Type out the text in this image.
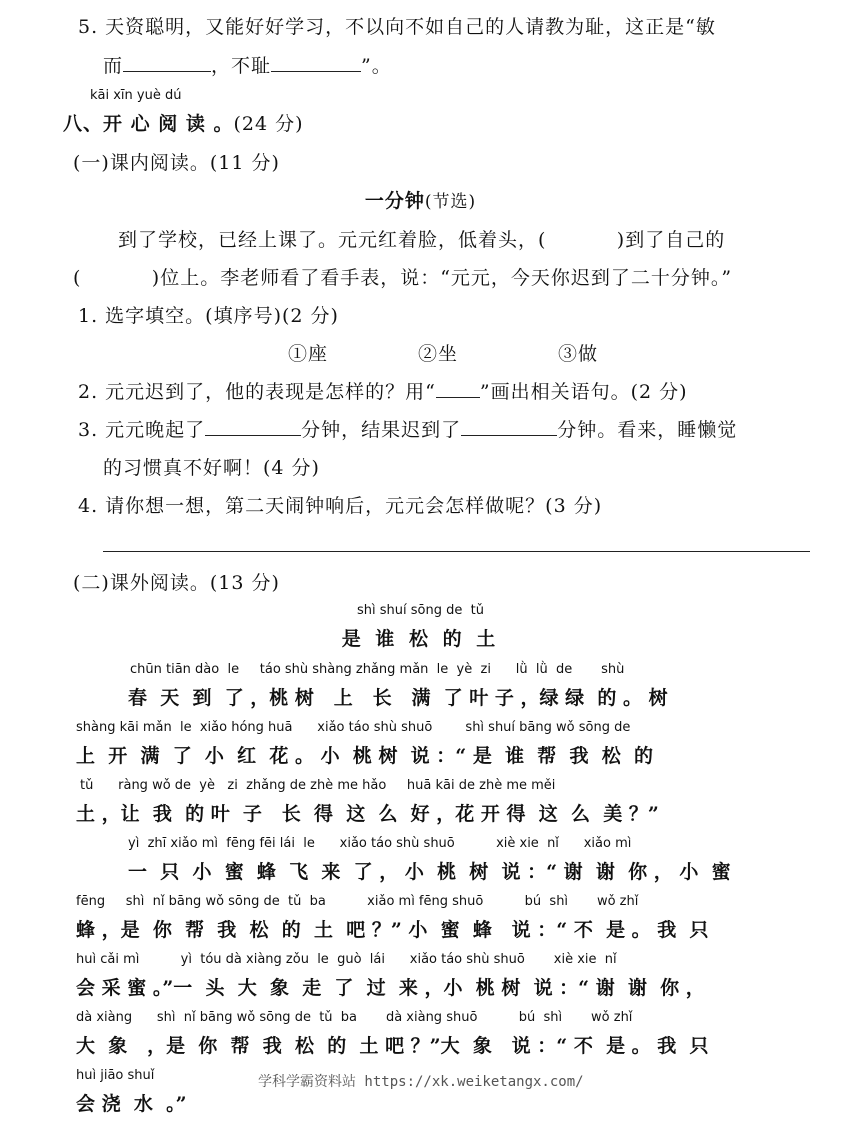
5. 天资聪明，又能好好学习，不以向不如自己的人请教为耻，这正是“敏
而	，不耻	”。
kāi xīn yuè dú
八、开 心 阅 读 。(24 分)
(一)课内阅读。(11 分)
一分钟(节选)
到了学校，已经上课了。元元红着脸，低着头，(          )到了自己的
(          )位上。李老师看了看手表，说：“元元，今天你迟到了二十分钟。”
1. 选字填空。(填序号)(2 分)
①座	②坐	③做
2. 元元迟到了，他的表现是怎样的？用“ ”画出相关语句。(2 分)
3. 元元晚起了	分钟，结果迟到了	分钟。看来，睡懒觉
的习惯真不好啊！(4 分)
4. 请你想一想，第二天闹钟响后，元元会怎样做呢？(3 分)
(二)课外阅读。(13 分)
shì shuí sōng de  tǔ
是 谁 松 的 土
chūn tiān dào  le     táo shù shàng zhǎng mǎn  le  yè  zi      lǜ  lǜ  de       shù
春  天  到  了 ，桃 树   上   长   满  了 叶 子 ，绿 绿  的 。 树
shàng kāi mǎn  le  xiǎo hóng huā      xiǎo táo shù shuō        shì shuí bāng wǒ sōng de
上  开  满  了  小  红  花 。 小  桃 树  说 ：“ 是  谁  帮  我  松  的
tǔ      ràng wǒ de  yè   zi  zhǎng de zhè me hǎo     huā kāi de zhè me měi
土 ，让  我  的 叶  子   长  得  这  么  好 ，花 开 得  这  么  美 ？”
yì  zhī xiǎo mì  fēng fēi lái  le      xiǎo táo shù shuō          xiè xie  nǐ      xiǎo mì
一  只  小  蜜  蜂  飞  来  了 ， 小  桃  树  说 ：“ 谢  谢  你 ， 小  蜜
fēng     shì  nǐ bāng wǒ sōng de  tǔ  ba          xiǎo mì fēng shuō          bú  shì       wǒ zhǐ
蜂 ，是  你  帮  我  松  的  土  吧 ？” 小  蜜  蜂   说 ：“ 不  是 。 我  只
huì cǎi mì          yì  tóu dà xiàng zǒu  le  guò  lái      xiǎo táo shù shuō       xiè xie  nǐ
会 采 蜜 。”一  头  大  象  走  了  过  来 ，小  桃 树  说 ：“ 谢  谢  你 ，
dà xiàng      shì  nǐ bāng wǒ sōng de  tǔ  ba       dà xiàng shuō          bú  shì       wǒ zhǐ
大  象   ，是  你  帮  我  松  的  土 吧 ？”大  象   说 ：“ 不  是 。 我  只
huì jiāo shuǐ
会 浇  水  。”
学科学霸资料站 https://xk.weiketangx.com/
